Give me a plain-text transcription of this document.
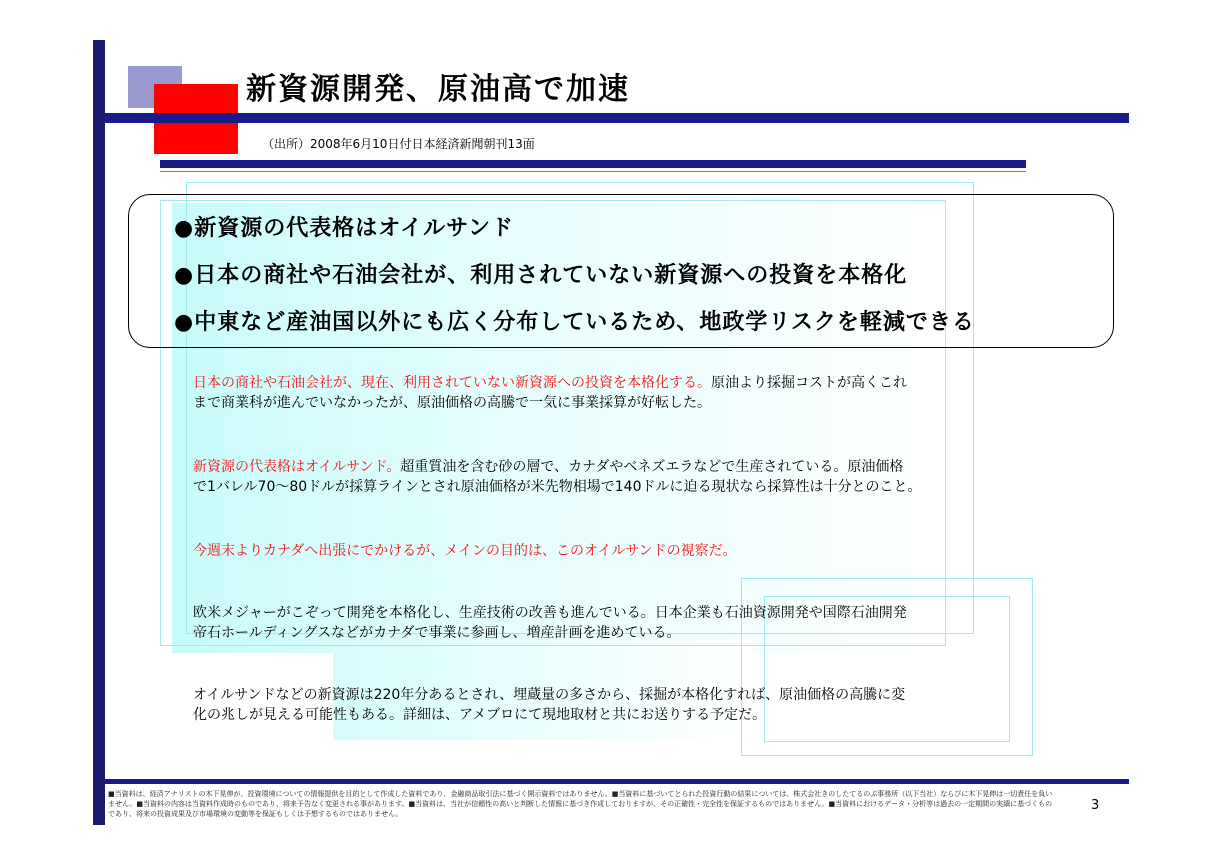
新資源開発、原油高で加速
（出所）2008年6月10日付日本経済新聞朝刊13面
●新資源の代表格はオイルサンド
●日本の商社や石油会社が、利用されていない新資源への投資を本格化
●中東など産油国以外にも広く分布しているため、地政学リスクを軽減できる
日本の商社や石油会社が、現在、利用されていない新資源への投資を本格化する。原油より採掘コストが高くこれ
まで商業科が進んでいなかったが、原油価格の高騰で一気に事業採算が好転した。
新資源の代表格はオイルサンド。超重質油を含む砂の層で、カナダやベネズエラなどで生産されている。原油価格
で1バレル70〜80ドルが採算ラインとされ原油価格が米先物相場で140ドルに迫る現状なら採算性は十分とのこと。
今週末よりカナダへ出張にでかけるが、メインの目的は、このオイルサンドの視察だ。
欧米メジャーがこぞって開発を本格化し、生産技術の改善も進んでいる。日本企業も石油資源開発や国際石油開発
帝石ホールディングスなどがカナダで事業に参画し、増産計画を進めている。
オイルサンドなどの新資源は220年分あるとされ、埋蔵量の多さから、採掘が本格化すれば、原油価格の高騰に変
化の兆しが見える可能性もある。詳細は、アメブロにて現地取材と共にお送りする予定だ。
■当資料は、経済アナリストの木下晃伸が、投資環境についての情報提供を目的として作成した資料であり、金融商品取引法に基づく開示資料ではありません。■当資料に基づいてとられた投資行動の結果については、株式会社きのしたてるのぶ事務所（以下当社）ならびに木下晃伸は一切責任を負いません。■当資料の内容は当資料作成時のものであり、将来予告なく変更される事があります。■当資料は、当社が信頼性の高いと判断した情報に基づき作成しておりますが、その正確性・完全性を保証するものではありません。■当資料におけるデータ・分析等は過去の一定期間の実績に基づくものであり、将来の投資成果及び市場環境の変動等を保証もしくは予想するものではありません。
3
